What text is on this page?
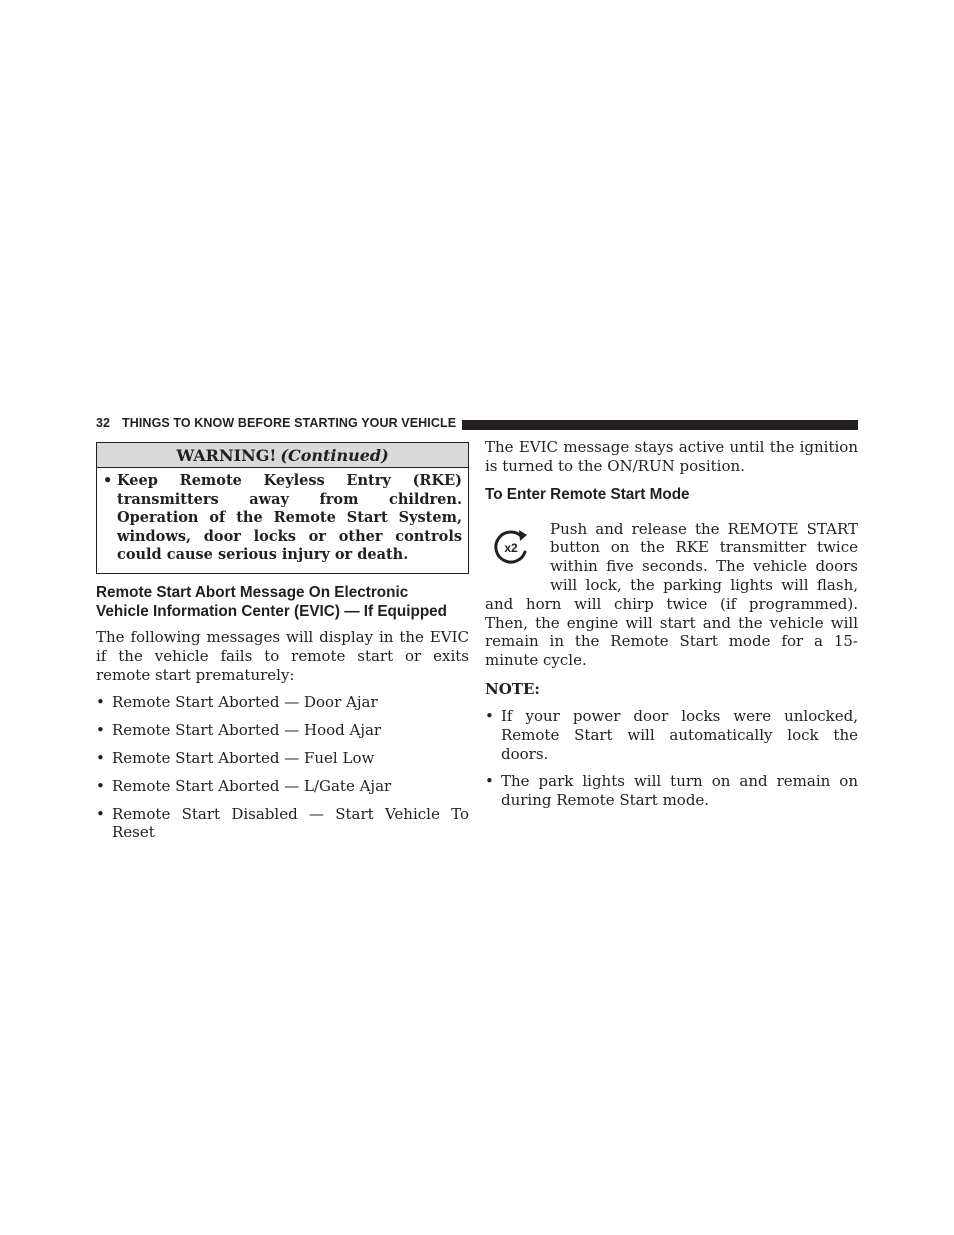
32 THINGS TO KNOW BEFORE STARTING YOUR VEHICLE
WARNING! (Continued)
• Keep Remote Keyless Entry (RKE) transmitters away from children. Operation of the Remote Start System, windows, door locks or other controls could cause serious injury or death.
Remote Start Abort Message On Electronic
Vehicle Information Center (EVIC) — If Equipped

The following messages will display in the EVIC if the vehicle fails to remote start or exits remote start prematurely:

• Remote Start Aborted — Door Ajar
• Remote Start Aborted — Hood Ajar
• Remote Start Aborted — Fuel Low
• Remote Start Aborted — L/Gate Ajar
• Remote Start Disabled — Start Vehicle To Reset

The EVIC message stays active until the ignition is turned to the ON/RUN position.

To Enter Remote Start Mode
x2

Push and release the REMOTE START button on the RKE transmitter twice within five seconds. The vehicle doors will lock, the parking lights will flash, and horn will chirp twice (if programmed). Then, the engine will start and the vehicle will remain in the Remote Start mode for a 15-minute cycle.

NOTE:
• If your power door locks were unlocked, Remote Start will automatically lock the doors.
• The park lights will turn on and remain on during Remote Start mode.
